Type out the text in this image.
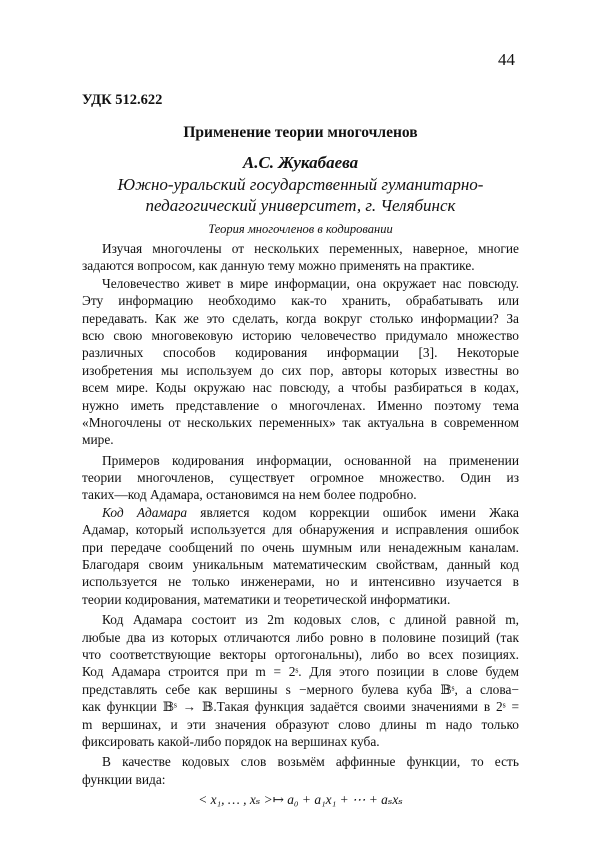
44
УДК 512.622
Применение теории многочленов
А.С. Жукабаева
Южно-уральский государственный гуманитарно-
педагогический университет, г. Челябинск
Теория многочленов в кодировании
Изучая многочлены от нескольких переменных, наверное, многие
задаются вопросом, как данную тему можно применять на практике.
Человечество живет в мире информации, она окружает нас повсюду.
Эту информацию необходимо как-то хранить, обрабатывать или
передавать. Как же это сделать, когда вокруг столько информации? За
всю свою многовековую историю человечество придумало множество
различных способов кодирования информации [3]. Некоторые
изобретения мы используем до сих пор, авторы которых известны во
всем мире. Коды окружаю нас повсюду, а чтобы разбираться в кодах,
нужно иметь представление о многочленах. Именно поэтому тема
«Многочлены от нескольких переменных» так актуальна в современном
мире.
Примеров кодирования информации, основанной на применении
теории многочленов, существует огромное множество. Один из
таких—код Адамара, остановимся на нем более подробно.
Код Адамара является кодом коррекции ошибок имени Жака
Адамар, который используется для обнаружения и исправления ошибок
при передаче сообщений по очень шумным или ненадежным каналам.
Благодаря своим уникальным математическим свойствам, данный код
используется не только инженерами, но и интенсивно изучается в
теории кодирования, математики и теоретической информатики.
Код Адамара состоит из 2m кодовых слов, с длиной равной m,
любые два из которых отличаются либо ровно в половине позиций (так
что соответствующие векторы ортогональны), либо во всех позициях.
Код Адамара строится при m = 2ˢ. Для этого позиции в слове будем
представлять себе как вершины s −мерного булева куба 𝔹ˢ, а слова−
как функции 𝔹ˢ → 𝔹.Такая функция задаётся своими значениями в 2ˢ =
m вершинах, и эти значения образуют слово длины m надо только
фиксировать какой-либо порядок на вершинах куба.
В качестве кодовых слов возьмём аффинные функции, то есть
функции вида:
< x₁, … , xₛ >↦ a₀ + a₁x₁ + ⋯ + aₛxₛ
